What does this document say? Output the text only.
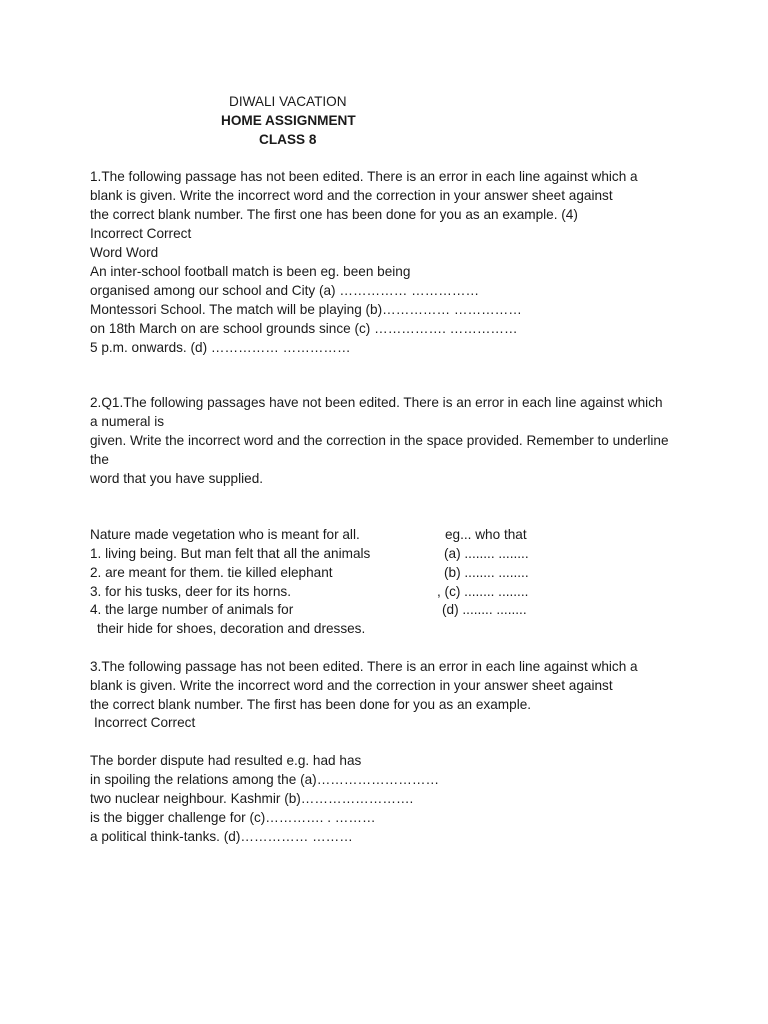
DIWALI VACATION
HOME ASSIGNMENT
CLASS 8
1.The following passage has not been edited. There is an error in each line against which a
blank is given. Write the incorrect word and the correction in your answer sheet against
the correct blank number. The first one has been done for you as an example. (4)
Incorrect Correct
Word Word
An inter-school football match is been eg. been being
organised among our school and City (a) …………… ……………
Montessori School. The match will be playing (b)…………… ……………
on 18th March on are school grounds since (c) ……………. ……………
5 p.m. onwards. (d) …………… ……………
2.Q1.The following passages have not been edited. There is an error in each line against which
a numeral is
given. Write the incorrect word and the correction in the space provided. Remember to underline
the
word that you have supplied.
Nature made vegetation who is meant for all.	eg... who that
1. living being. But man felt that all the animals	(a) ........ ........
2. are meant for them. tie killed elephant	(b) ........ ........
3. for his tusks, deer for its horns.	, (c) ........ ........
4. the large number of animals for	(d) ........ ........
their hide for shoes, decoration and dresses.
3.The following passage has not been edited. There is an error in each line against which a
blank is given. Write the incorrect word and the correction in your answer sheet against
the correct blank number. The first has been done for you as an example.
Incorrect Correct
The border dispute had resulted e.g. had has
in spoiling the relations among the (a)………………………
two nuclear neighbour. Kashmir (b)…………………….
is the bigger challenge for (c)…………. . ………
a political think-tanks. (d)…………… ………
